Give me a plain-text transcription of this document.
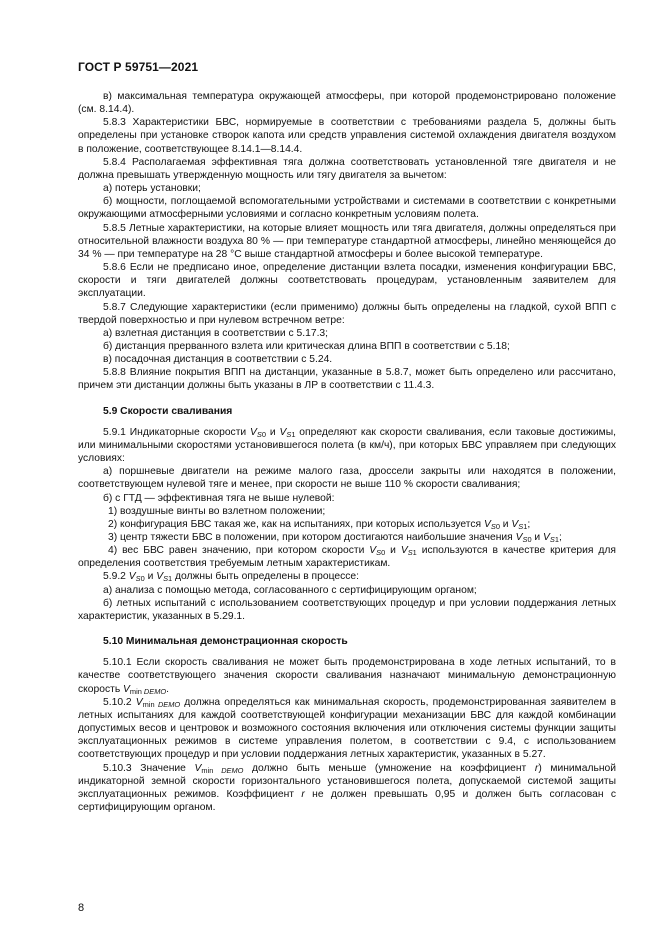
ГОСТ Р 59751—2021

в) максимальная температура окружающей атмосферы, при которой продемонстрировано положение (см. 8.14.4).

5.8.3 Характеристики БВС, нормируемые в соответствии с требованиями раздела 5, должны быть определены при установке створок капота или средств управления системой охлаждения двигателя воздухом в положение, соответствующее 8.14.1—8.14.4.

5.8.4 Располагаемая эффективная тяга должна соответствовать установленной тяге двигателя и не должна превышать утвержденную мощность или тягу двигателя за вычетом:

а) потерь установки;

б) мощности, поглощаемой вспомогательными устройствами и системами в соответствии с конкретными окружающими атмосферными условиями и согласно конкретным условиям полета.

5.8.5 Летные характеристики, на которые влияет мощность или тяга двигателя, должны определяться при относительной влажности воздуха 80 % — при температуре стандартной атмосферы, линейно меняющейся до 34 % — при температуре на 28 °С выше стандартной атмосферы и более высокой температуре.

5.8.6 Если не предписано иное, определение дистанции взлета посадки, изменения конфигурации БВС, скорости и тяги двигателей должны соответствовать процедурам, установленным заявителем для эксплуатации.

5.8.7 Следующие характеристики (если применимо) должны быть определены на гладкой, сухой ВПП с твердой поверхностью и при нулевом встречном ветре:

а) взлетная дистанция в соответствии с 5.17.3;

б) дистанция прерванного взлета или критическая длина ВПП в соответствии с 5.18;

в) посадочная дистанция в соответствии с 5.24.

5.8.8 Влияние покрытия ВПП на дистанции, указанные в 5.8.7, может быть определено или рассчитано, причем эти дистанции должны быть указаны в ЛР в соответствии с 11.4.3.

5.9 Скорости сваливания

5.9.1 Индикаторные скорости $V_{S0}$ и $V_{S1}$ определяют как скорости сваливания, если таковые достижимы, или минимальными скоростями установившегося полета (в км/ч), при которых БВС управляем при следующих условиях:

а) поршневые двигатели на режиме малого газа, дроссели закрыты или находятся в положении, соответствующем нулевой тяге и менее, при скорости не выше 110 % скорости сваливания;

б) с ГТД — эффективная тяга не выше нулевой:

1) воздушные винты во взлетном положении;

2) конфигурация БВС такая же, как на испытаниях, при которых используется $V_{S0}$ и $V_{S1}$;

3) центр тяжести БВС в положении, при котором достигаются наибольшие значения $V_{S0}$ и $V_{S1}$;

4) вес БВС равен значению, при котором скорости $V_{S0}$ и $V_{S1}$ используются в качестве критерия для определения соответствия требуемым летным характеристикам.

5.9.2 $V_{S0}$ и $V_{S1}$ должны быть определены в процессе:

а) анализа с помощью метода, согласованного с сертифицирующим органом;

б) летных испытаний с использованием соответствующих процедур и при условии поддержания летных характеристик, указанных в 5.29.1.

5.10 Минимальная демонстрационная скорость

5.10.1 Если скорость сваливания не может быть продемонстрирована в ходе летных испытаний, то в качестве соответствующего значения скорости сваливания назначают минимальную демонстрационную скорость $V_{min DEMO}$.

5.10.2 $V_{min DEMO}$ должна определяться как минимальная скорость, продемонстрированная заявителем в летных испытаниях для каждой соответствующей конфигурации механизации БВС для каждой комбинации допустимых весов и центровок и возможного состояния включения или отключения системы функции защиты эксплуатационных режимов в системе управления полетом, в соответствии с 9.4, с использованием соответствующих процедур и при условии поддержания летных характеристик, указанных в 5.27.

5.10.3 Значение $V_{min DEMO}$ должно быть меньше (умножение на коэффициент r) минимальной индикаторной земной скорости горизонтального установившегося полета, допускаемой системой защиты эксплуатационных режимов. Коэффициент r не должен превышать 0,95 и должен быть согласован с сертифицирующим органом.

8
